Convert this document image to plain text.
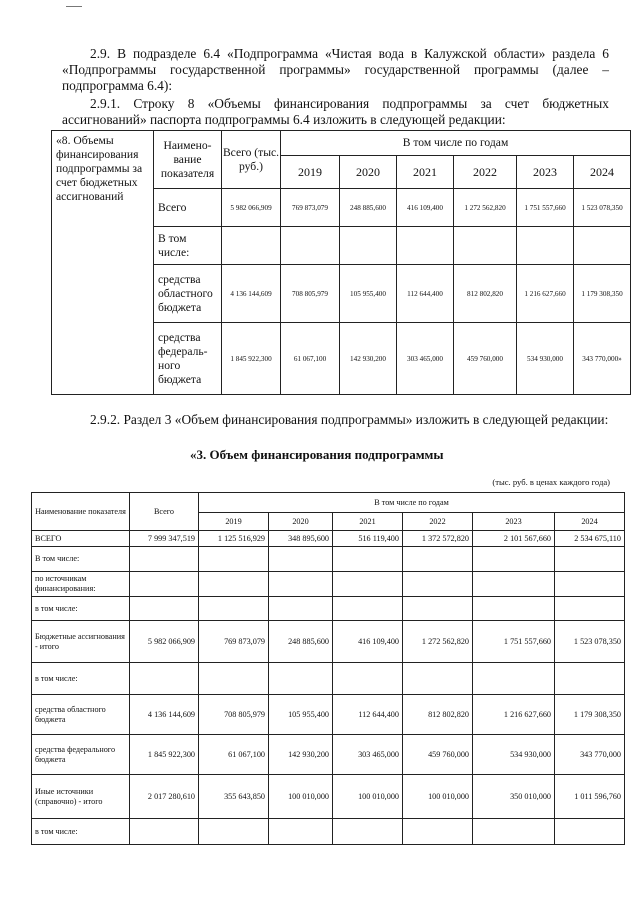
2.9. В подразделе 6.4 «Подпрограмма «Чистая вода в Калужской области» раздела 6 «Подпрограммы государственной программы» государственной программы (далее – подпрограмма 6.4):
2.9.1. Строку 8 «Объемы финансирования подпрограммы за счет бюджетных ассигнований» паспорта подпрограммы 6.4 изложить в следующей редакции:
«8. Объемы финансирования подпрограммы за счет бюджетных ассигнований	Наимено-вание показателя	Всего (тыс. руб.)	В том числе по годам					
			2019	2020	2021	2022	2023	2024
	Всего	5 982 066,909	769 873,079	248 885,600	416 109,400	1 272 562,820	1 751 557,660	1 523 078,350
	В том числе:							
	средства областного бюджета	4 136 144,609	708 805,979	105 955,400	112 644,400	812 802,820	1 216 627,660	1 179 308,350
	средства федераль-ного бюджета	1 845 922,300	61 067,100	142 930,200	303 465,000	459 760,000	534 930,000	343 770,000»
2.9.2. Раздел 3 «Объем финансирования подпрограммы» изложить в следующей редакции:
«3. Объем финансирования подпрограммы
(тыс. руб. в ценах каждого года)
Наименование показателя	Всего	В том числе по годам					
		2019	2020	2021	2022	2023	2024
ВСЕГО	7 999 347,519	1 125 516,929	348 895,600	516 119,400	1 372 572,820	2 101 567,660	2 534 675,110
В том числе:							
по источникам финансирования:							
в том числе:							
Бюджетные ассигнования - итого	5 982 066,909	769 873,079	248 885,600	416 109,400	1 272 562,820	1 751 557,660	1 523 078,350
в том числе:							
средства областного бюджета	4 136 144,609	708 805,979	105 955,400	112 644,400	812 802,820	1 216 627,660	1 179 308,350
средства федерального бюджета	1 845 922,300	61 067,100	142 930,200	303 465,000	459 760,000	534 930,000	343 770,000
Иные источники (справочно) - итого	2 017 280,610	355 643,850	100 010,000	100 010,000	100 010,000	350 010,000	1 011 596,760
в том числе:							
